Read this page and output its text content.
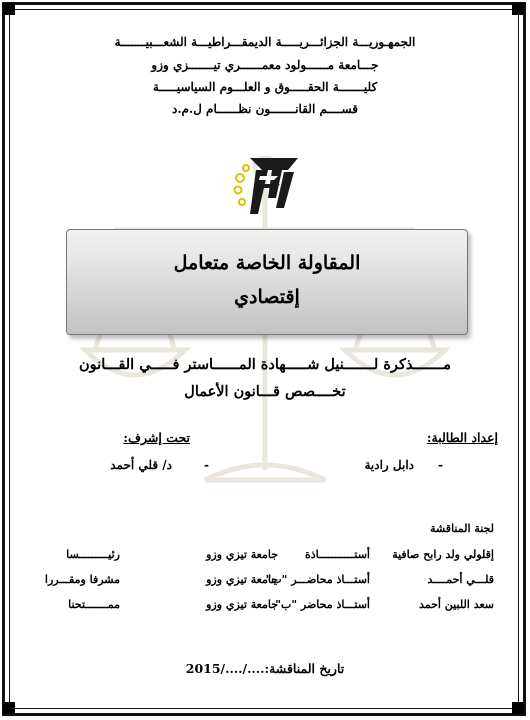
الجمهـوريـــة الجزائـــريـــــة الديمقـــراطيـــة الشعـــبيـــــــة
جـــامعة مــــــولود معمــــــري تيـــــــزي وزو
كليـــــــة الحقـــــوق و العلـــوم السياسيـــــة
قســــم القانـــــــون نظــــــام ل.م.د
المقاولة الخاصة متعامل
إقتصادي
مـــــــذكرة لـــــــنيل شـــــهادة المــــــاستر فـــــي القـــانون
تخــــصص قـــانون الأعمال
إعداد الطالبة:
-
دابل رادية
تحت إشرف:
-
د/ قلي أحمد
لجنة المناقشة
إقلولي ولد رابح صافية
أستـــــــــــاذة
جامعة تيزي وزو
رئيـــــــــسا
قلـــي أحمــــد
أستـــاذ محاضـــر "ب"
جامعة تيزي وزو
مشرفا ومقـــررا
سعد اللبين أحمد
أستـــاذ محاضر "ب"
جامعة تيزي وزو
ممـــــــتحنا
تاريخ المناقشة:..../..../2015
